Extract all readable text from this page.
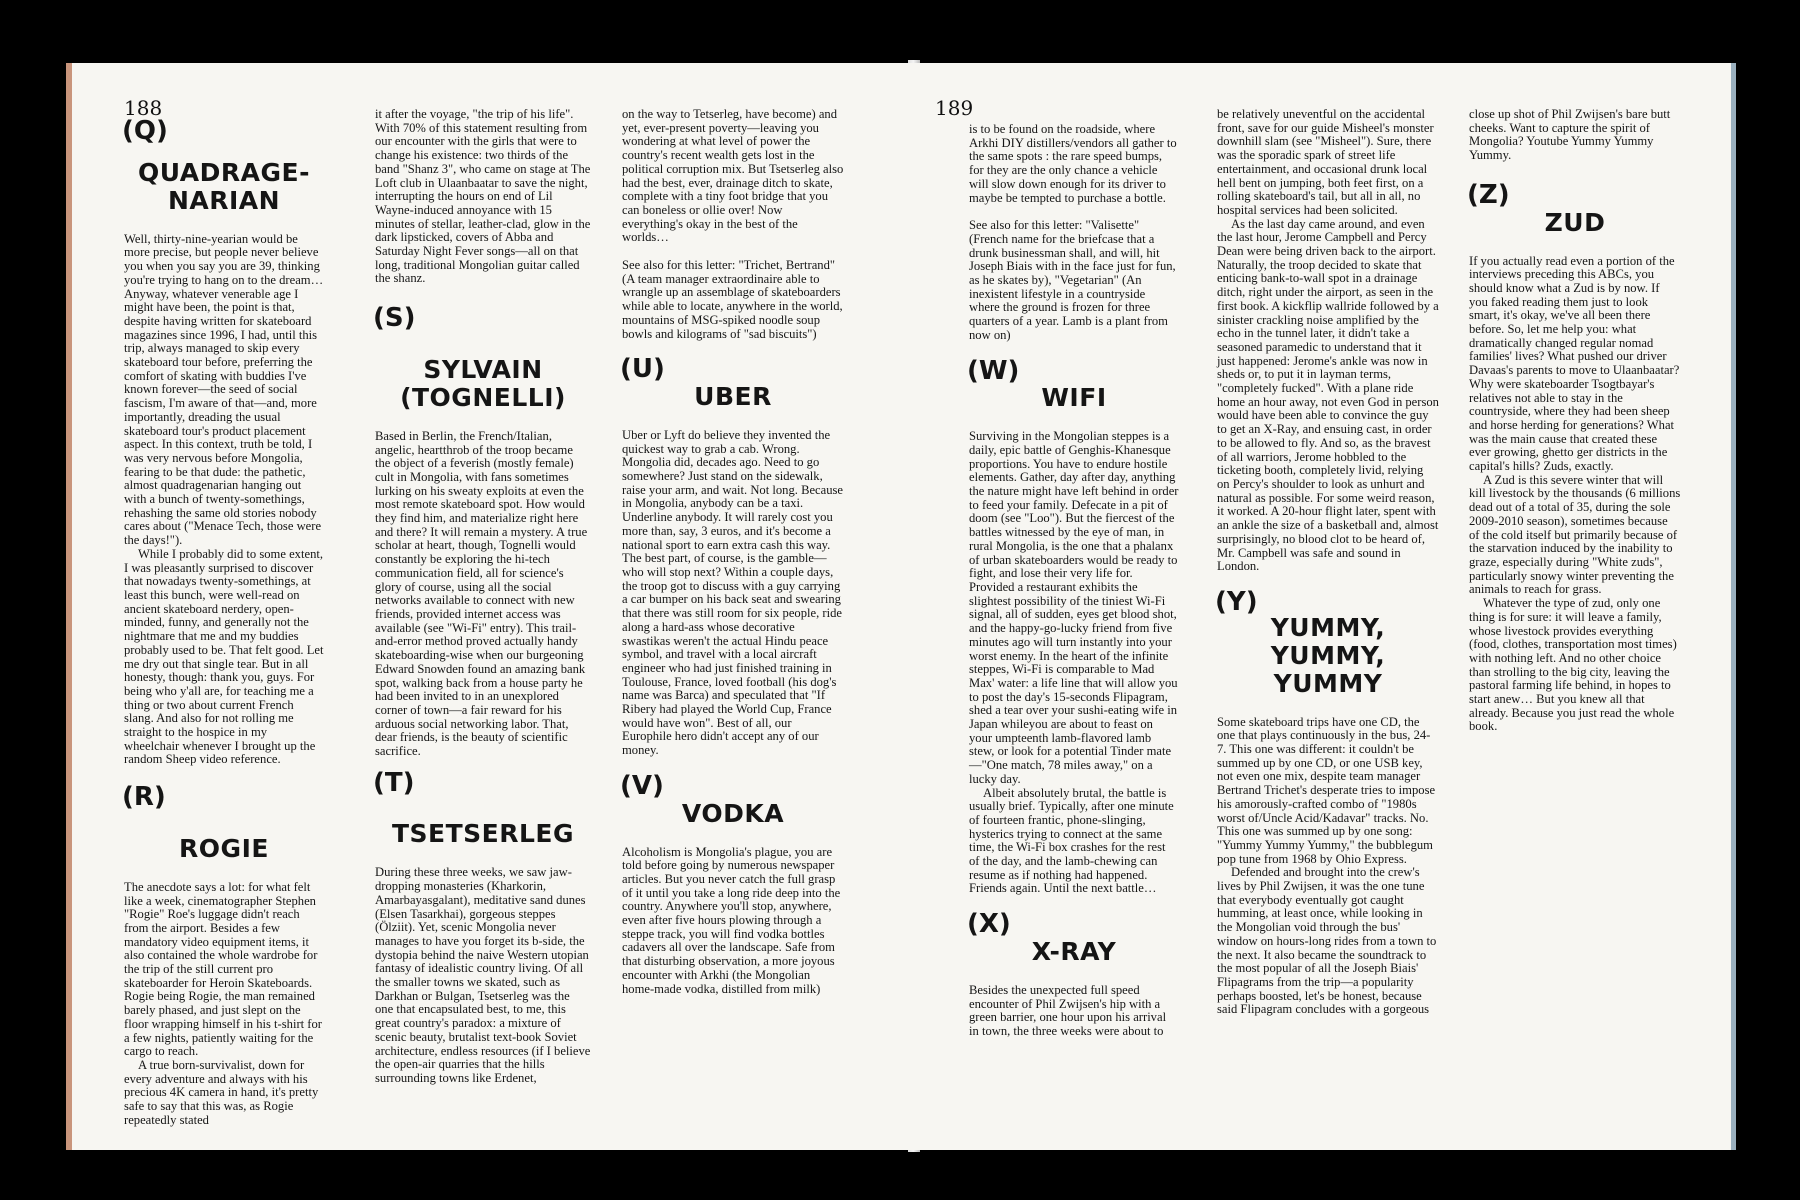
188
(Q)
QUADRAGE-NARIAN

Well, thirty-nine-yearian would be more precise, but people never believe you when you say you are 39, thinking you're trying to hang on to the dream… Anyway, whatever venerable age I might have been, the point is that, despite having written for skateboard magazines since 1996, I had, until this trip, always managed to skip every skateboard tour before, preferring the comfort of skating with buddies I've known forever—the seed of social fascism, I'm aware of that—and, more importantly, dreading the usual skateboard tour's product placement aspect. In this context, truth be told, I was very nervous before Mongolia, fearing to be that dude: the pathetic, almost quadragenarian hanging out with a bunch of twenty-somethings, rehashing the same old stories nobody cares about ("Menace Tech, those were the days!").

While I probably did to some extent, I was pleasantly surprised to discover that nowadays twenty-somethings, at least this bunch, were well-read on ancient skateboard nerdery, open-minded, funny, and generally not the nightmare that me and my buddies probably used to be. That felt good. Let me dry out that single tear. But in all honesty, though: thank you, guys. For being who y'all are, for teaching me a thing or two about current French slang. And also for not rolling me straight to the hospice in my wheelchair whenever I brought up the random Sheep video reference.

(R)
ROGIE

The anecdote says a lot: for what felt like a week, cinematographer Stephen "Rogie" Roe's luggage didn't reach from the airport. Besides a few mandatory video equipment items, it also contained the whole wardrobe for the trip of the still current pro skateboarder for Heroin Skateboards. Rogie being Rogie, the man remained barely phased, and just slept on the floor wrapping himself in his t-shirt for a few nights, patiently waiting for the cargo to reach.

A true born-survivalist, down for every adventure and always with his precious 4K camera in hand, it's pretty safe to say that this was, as Rogie repeatedly stated

it after the voyage, "the trip of his life". With 70% of this statement resulting from our encounter with the girls that were to change his existence: two thirds of the band "Shanz 3", who came on stage at The Loft club in Ulaanbaatar to save the night, interrupting the hours on end of Lil Wayne-induced annoyance with 15 minutes of stellar, leather-clad, glow in the dark lipsticked, covers of Abba and Saturday Night Fever songs—all on that long, traditional Mongolian guitar called the shanz.

(S)
SYLVAIN (TOGNELLI)

Based in Berlin, the French/Italian, angelic, heartthrob of the troop became the object of a feverish (mostly female) cult in Mongolia, with fans sometimes lurking on his sweaty exploits at even the most remote skateboard spot. How would they find him, and materialize right here and there? It will remain a mystery. A true scholar at heart, though, Tognelli would constantly be exploring the hi-tech communication field, all for science's glory of course, using all the social networks available to connect with new friends, provided internet access was available (see "Wi-Fi" entry). This trail-and-error method proved actually handy skateboarding-wise when our burgeoning Edward Snowden found an amazing bank spot, walking back from a house party he had been invited to in an unexplored corner of town—a fair reward for his arduous social networking labor. That, dear friends, is the beauty of scientific sacrifice.

(T)
TSETSERLEG

During these three weeks, we saw jaw-dropping monasteries (Kharkorin, Amarbayasgalant), meditative sand dunes (Elsen Tasarkhai), gorgeous steppes (Ölziit). Yet, scenic Mongolia never manages to have you forget its b-side, the dystopia behind the naive Western utopian fantasy of idealistic country living. Of all the smaller towns we skated, such as Darkhan or Bulgan, Tsetserleg was the one that encapsulated best, to me, this great country's paradox: a mixture of scenic beauty, brutalist text-book Soviet architecture, endless resources (if I believe the open-air quarries that the hills surrounding towns like Erdenet,

on the way to Tetserleg, have become) and yet, ever-present poverty—leaving you wondering at what level of power the country's recent wealth gets lost in the political corruption mix. But Tsetserleg also had the best, ever, drainage ditch to skate, complete with a tiny foot bridge that you can boneless or ollie over! Now everything's okay in the best of the worlds…

See also for this letter: "Trichet, Bertrand" (A team manager extraordinaire able to wrangle up an assemblage of skateboarders while able to locate, anywhere in the world, mountains of MSG-spiked noodle soup bowls and kilograms of "sad biscuits")

(U)
UBER

Uber or Lyft do believe they invented the quickest way to grab a cab. Wrong. Mongolia did, decades ago. Need to go somewhere? Just stand on the sidewalk, raise your arm, and wait. Not long. Because in Mongolia, anybody can be a taxi. Underline anybody. It will rarely cost you more than, say, 3 euros, and it's become a national sport to earn extra cash this way. The best part, of course, is the gamble—who will stop next? Within a couple days, the troop got to discuss with a guy carrying a car bumper on his back seat and swearing that there was still room for six people, ride along a hard-ass whose decorative swastikas weren't the actual Hindu peace symbol, and travel with a local aircraft engineer who had just finished training in Toulouse, France, loved football (his dog's name was Barca) and speculated that "If Ribery had played the World Cup, France would have won". Best of all, our Europhile hero didn't accept any of our money.

(V)
VODKA

Alcoholism is Mongolia's plague, you are told before going by numerous newspaper articles. But you never catch the full grasp of it until you take a long ride deep into the country. Anywhere you'll stop, anywhere, even after five hours plowing through a steppe track, you will find vodka bottles cadavers all over the landscape. Safe from that disturbing observation, a more joyous encounter with Arkhi (the Mongolian home-made vodka, distilled from milk)

189

is to be found on the roadside, where Arkhi DIY distillers/vendors all gather to the same spots : the rare speed bumps, for they are the only chance a vehicle will slow down enough for its driver to maybe be tempted to purchase a bottle.

See also for this letter: "Valisette" (French name for the briefcase that a drunk businessman shall, and will, hit Joseph Biais with in the face just for fun, as he skates by), "Vegetarian" (An inexistent lifestyle in a countryside where the ground is frozen for three quarters of a year. Lamb is a plant from now on)

(W)
WIFI

Surviving in the Mongolian steppes is a daily, epic battle of Genghis-Khanesque proportions. You have to endure hostile elements. Gather, day after day, anything the nature might have left behind in order to feed your family. Defecate in a pit of doom (see "Loo"). But the fiercest of the battles witnessed by the eye of man, in rural Mongolia, is the one that a phalanx of urban skateboarders would be ready to fight, and lose their very life for. Provided a restaurant exhibits the slightest possibility of the tiniest Wi-Fi signal, all of sudden, eyes get blood shot, and the happy-go-lucky friend from five minutes ago will turn instantly into your worst enemy. In the heart of the infinite steppes, Wi-Fi is comparable to Mad Max' water: a life line that will allow you to post the day's 15-seconds Flipagram, shed a tear over your sushi-eating wife in Japan whileyou are about to feast on your umpteenth lamb-flavored lamb stew, or look for a potential Tinder mate—"One match, 78 miles away," on a lucky day.

Albeit absolutely brutal, the battle is usually brief. Typically, after one minute of fourteen frantic, phone-slinging, hysterics trying to connect at the same time, the Wi-Fi box crashes for the rest of the day, and the lamb-chewing can resume as if nothing had happened. Friends again. Until the next battle…

(X)
X-RAY

Besides the unexpected full speed encounter of Phil Zwijsen's hip with a green barrier, one hour upon his arrival in town, the three weeks were about to

be relatively uneventful on the accidental front, save for our guide Misheel's monster downhill slam (see "Misheel"). Sure, there was the sporadic spark of street life entertainment, and occasional drunk local hell bent on jumping, both feet first, on a rolling skateboard's tail, but all in all, no hospital services had been solicited.

As the last day came around, and even the last hour, Jerome Campbell and Percy Dean were being driven back to the airport. Naturally, the troop decided to skate that enticing bank-to-wall spot in a drainage ditch, right under the airport, as seen in the first book. A kickflip wallride followed by a sinister crackling noise amplified by the echo in the tunnel later, it didn't take a seasoned paramedic to understand that it just happened: Jerome's ankle was now in sheds or, to put it in layman terms, "completely fucked". With a plane ride home an hour away, not even God in person would have been able to convince the guy to get an X-Ray, and ensuing cast, in order to be allowed to fly. And so, as the bravest of all warriors, Jerome hobbled to the ticketing booth, completely livid, relying on Percy's shoulder to look as unhurt and natural as possible. For some weird reason, it worked. A 20-hour flight later, spent with an ankle the size of a basketball and, almost surprisingly, no blood clot to be heard of, Mr. Campbell was safe and sound in London.

(Y)
YUMMY, YUMMY, YUMMY

Some skateboard trips have one CD, the one that plays continuously in the bus, 24-7. This one was different: it couldn't be summed up by one CD, or one USB key, not even one mix, despite team manager Bertrand Trichet's desperate tries to impose his amorously-crafted combo of "1980s worst of/Uncle Acid/Kadavar" tracks. No. This one was summed up by one song: "Yummy Yummy Yummy," the bubblegum pop tune from 1968 by Ohio Express.

Defended and brought into the crew's lives by Phil Zwijsen, it was the one tune that everybody eventually got caught humming, at least once, while looking in the Mongolian void through the bus' window on hours-long rides from a town to the next. It also became the soundtrack to the most popular of all the Joseph Biais' Flipagrams from the trip—a popularity perhaps boosted, let's be honest, because said Flipagram concludes with a gorgeous

close up shot of Phil Zwijsen's bare butt cheeks. Want to capture the spirit of Mongolia? Youtube Yummy Yummy Yummy.

(Z)
ZUD

If you actually read even a portion of the interviews preceding this ABCs, you should know what a Zud is by now. If you faked reading them just to look smart, it's okay, we've all been there before. So, let me help you: what dramatically changed regular nomad families' lives? What pushed our driver Davaas's parents to move to Ulaanbaatar? Why were skateboarder Tsogtbayar's relatives not able to stay in the countryside, where they had been sheep and horse herding for generations? What was the main cause that created these ever growing, ghetto ger districts in the capital's hills? Zuds, exactly.

A Zud is this severe winter that will kill livestock by the thousands (6 millions dead out of a total of 35, during the sole 2009-2010 season), sometimes because of the cold itself but primarily because of the starvation induced by the inability to graze, especially during "White zuds", particularly snowy winter preventing the animals to reach for grass.

Whatever the type of zud, only one thing is for sure: it will leave a family, whose livestock provides everything (food, clothes, transportation most times) with nothing left. And no other choice than strolling to the big city, leaving the pastoral farming life behind, in hopes to start anew… But you knew all that already. Because you just read the whole book.
